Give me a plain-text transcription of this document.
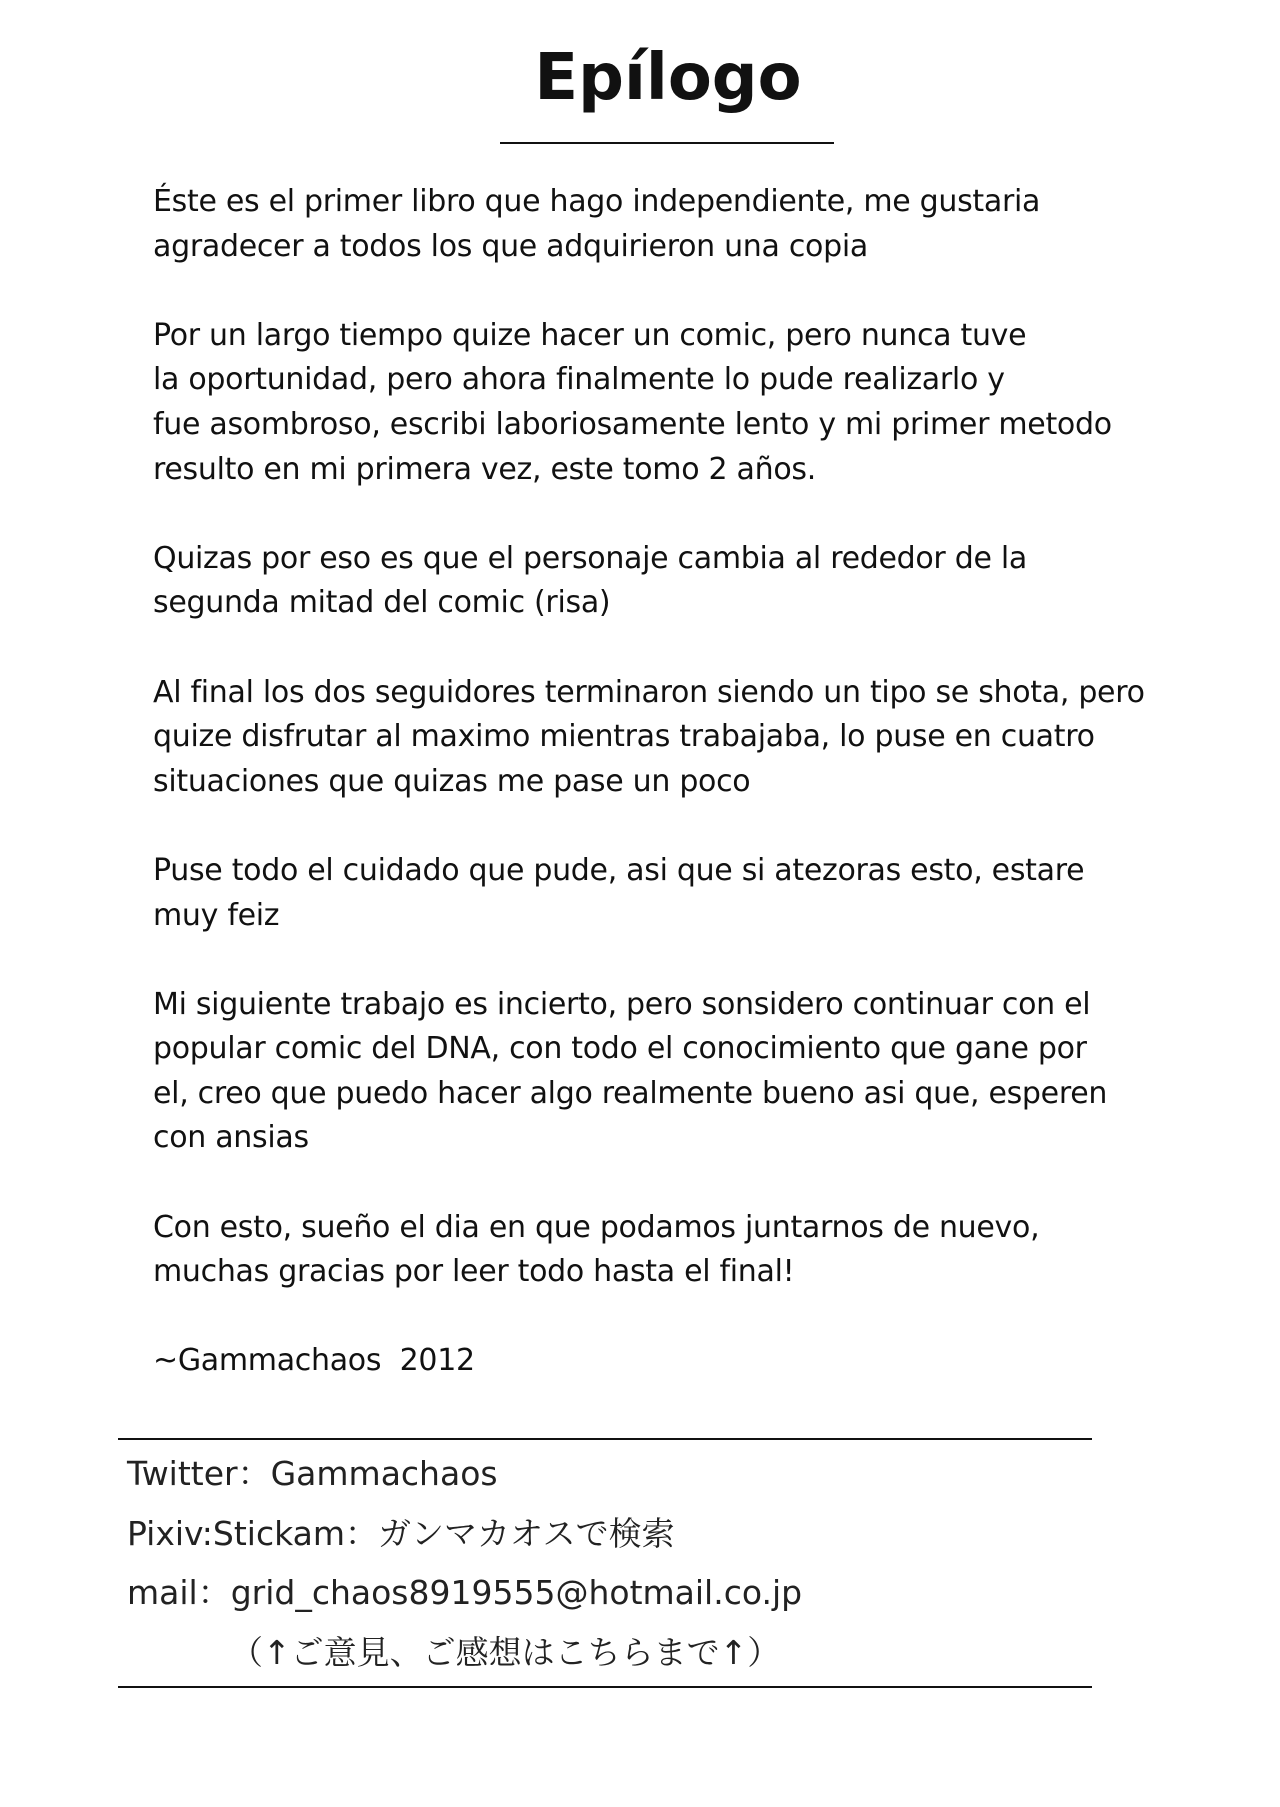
Epílogo

Éste es el primer libro que hago independiente, me gustaria
agradecer a todos los que adquirieron una copia

Por un largo tiempo quize hacer un comic, pero nunca tuve
la oportunidad, pero ahora finalmente lo pude realizarlo y
fue asombroso, escribi laboriosamente lento y mi primer metodo
resulto en mi primera vez, este tomo 2 años.

Quizas por eso es que el personaje cambia al rededor de la
segunda mitad del comic (risa)

Al final los dos seguidores terminaron siendo un tipo se shota, pero
quize disfrutar al maximo mientras trabajaba, lo puse en cuatro
situaciones que quizas me pase un poco

Puse todo el cuidado que pude, asi que si atezoras esto, estare
muy feiz

Mi siguiente trabajo es incierto, pero sonsidero continuar con el
popular comic del DNA, con todo el conocimiento que gane por
el, creo que puedo hacer algo realmente bueno asi que, esperen
con ansias

Con esto, sueño el dia en que podamos juntarnos de nuevo,
muchas gracias por leer todo hasta el final!

~Gammachaos  2012

Twitter：Gammachaos
Pixiv:Stickam：ガンマカオスで検索
mail：grid_chaos8919555@hotmail.co.jp
（↑ご意見、ご感想はこちらまで↑）
